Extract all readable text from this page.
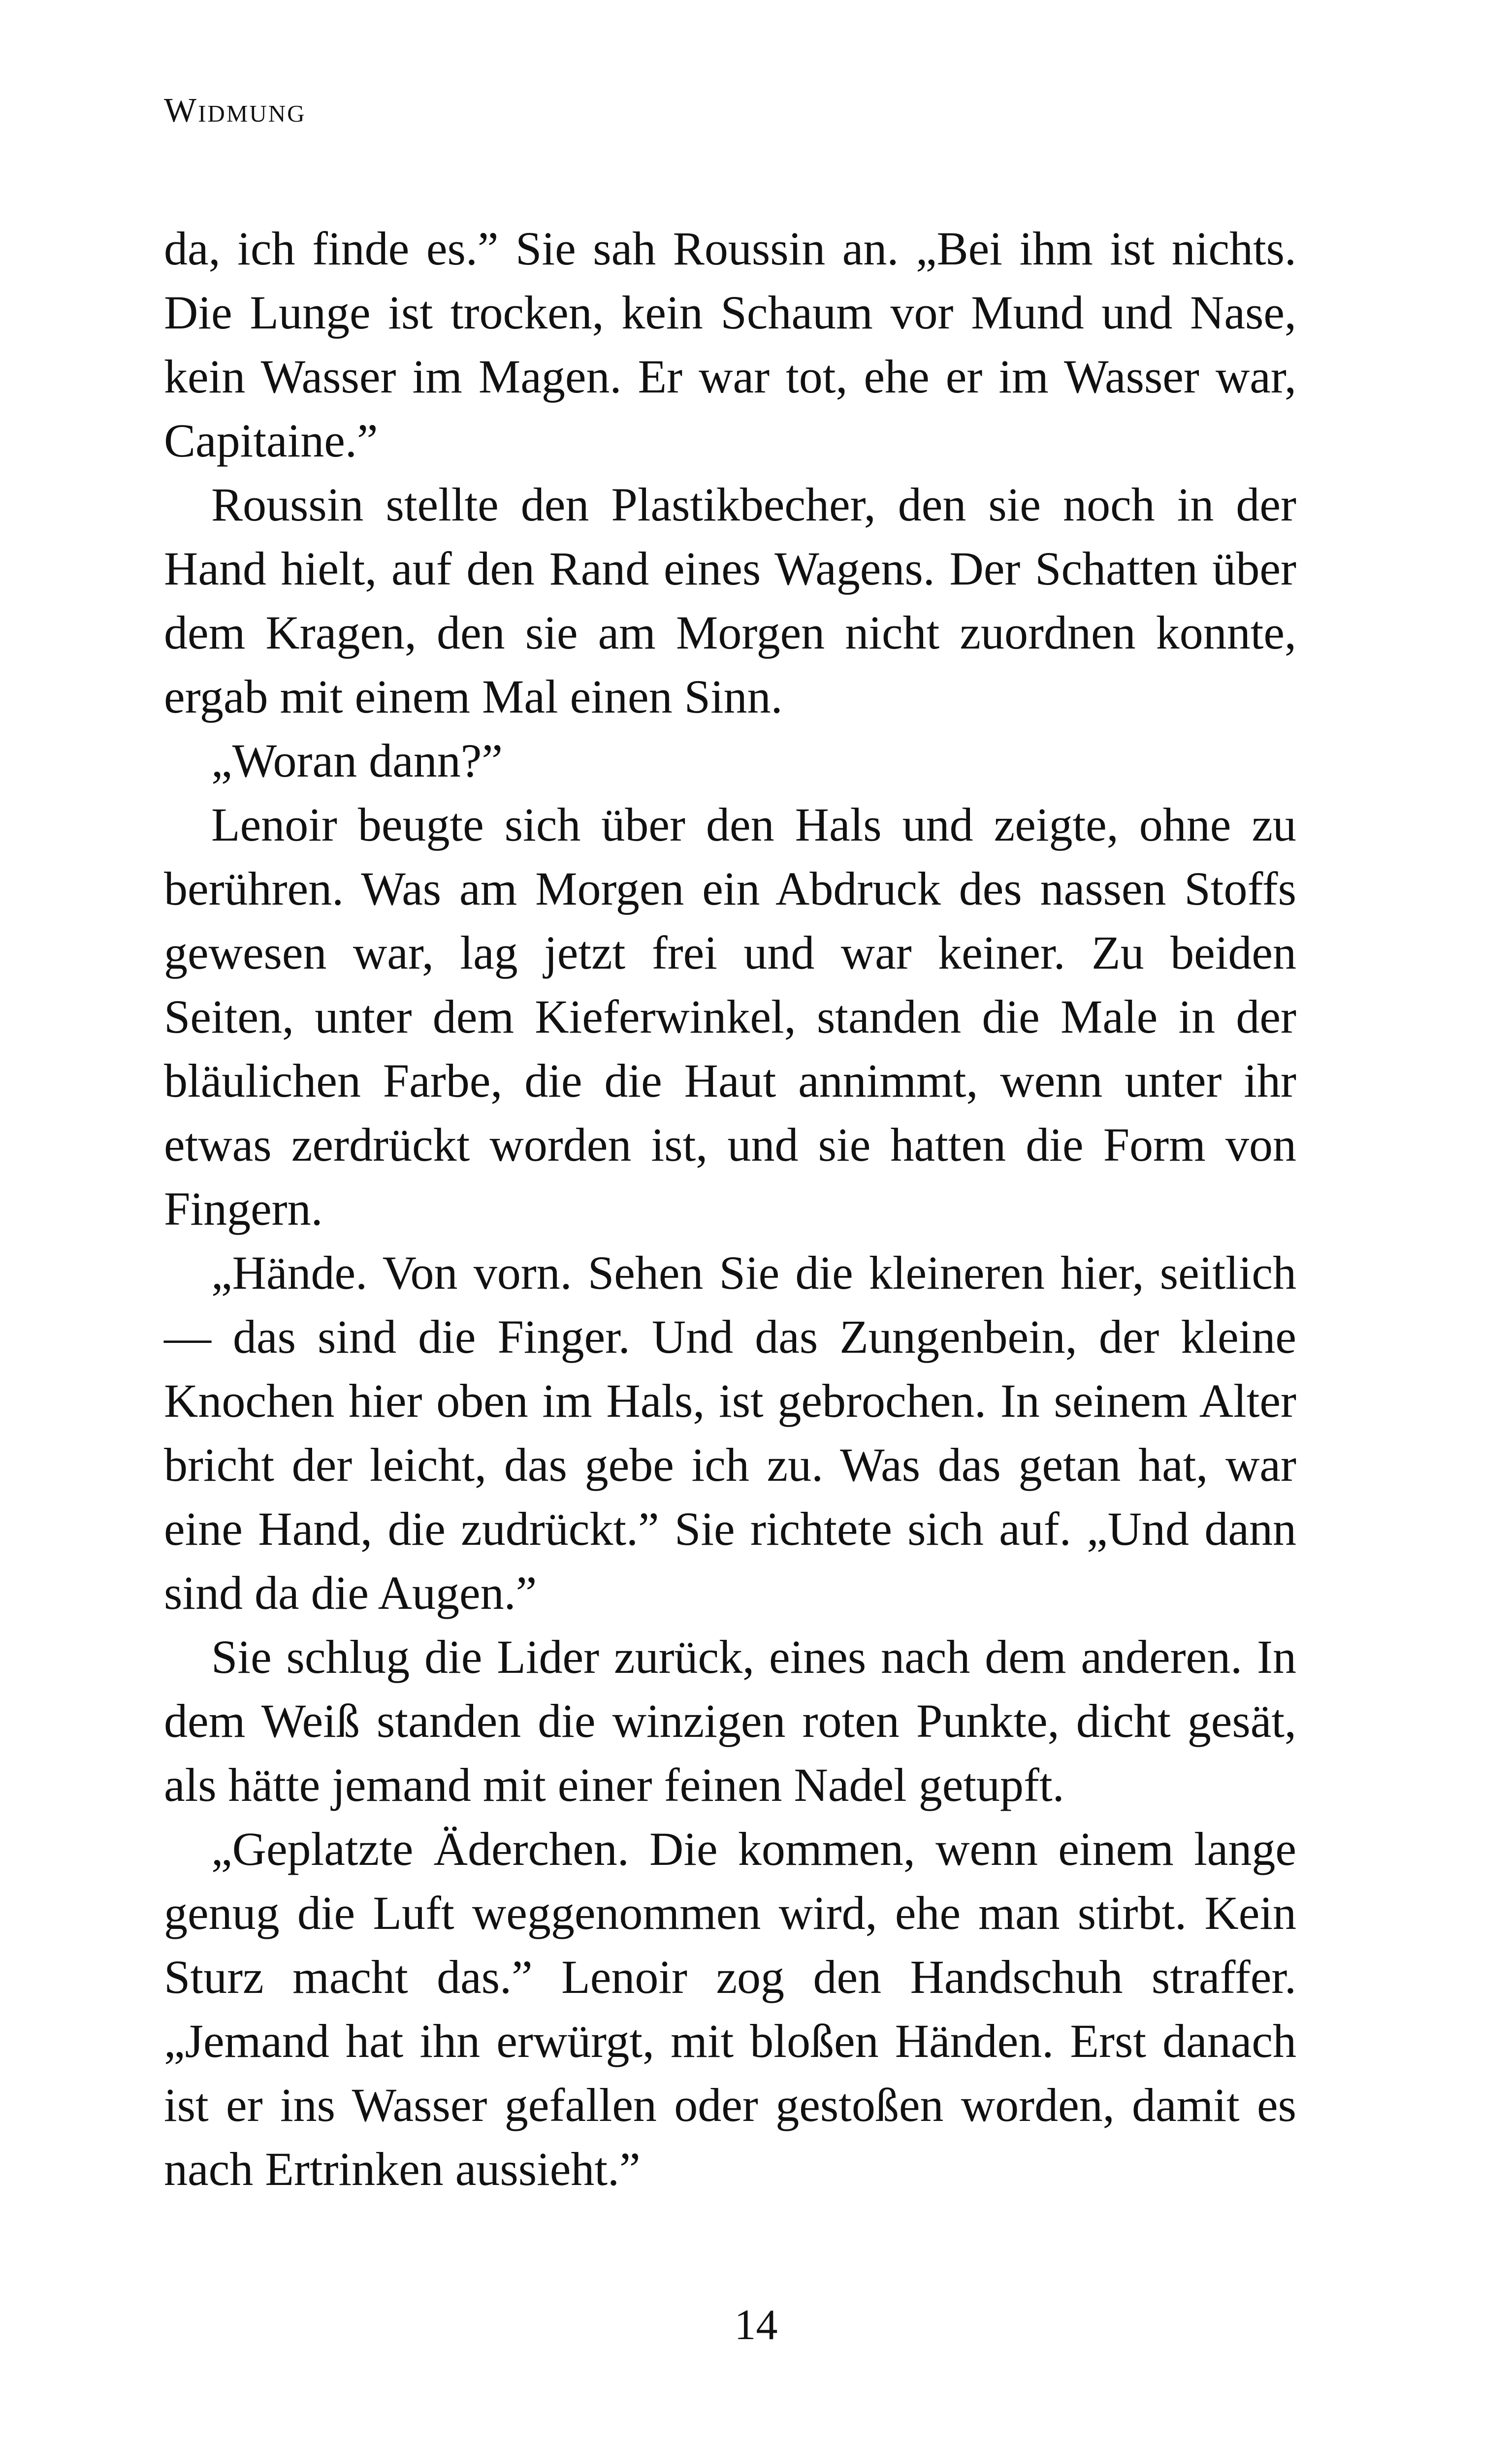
Widmung

da, ich finde es.” Sie sah Roussin an. „Bei ihm ist nichts. Die Lunge ist trocken, kein Schaum vor Mund und Nase, kein Wasser im Magen. Er war tot, ehe er im Wasser war, Capitaine.”

Roussin stellte den Plastikbecher, den sie noch in der Hand hielt, auf den Rand eines Wagens. Der Schatten über dem Kragen, den sie am Morgen nicht zuordnen konnte, ergab mit einem Mal einen Sinn.

„Woran dann?”

Lenoir beugte sich über den Hals und zeigte, ohne zu berühren. Was am Morgen ein Abdruck des nassen Stoffs gewesen war, lag jetzt frei und war keiner. Zu beiden Seiten, unter dem Kieferwinkel, standen die Male in der bläulichen Farbe, die die Haut annimmt, wenn unter ihr etwas zerdrückt worden ist, und sie hatten die Form von Fingern.

„Hände. Von vorn. Sehen Sie die kleineren hier, seitlich — das sind die Finger. Und das Zungenbein, der kleine Knochen hier oben im Hals, ist gebrochen. In seinem Alter bricht der leicht, das gebe ich zu. Was das getan hat, war eine Hand, die zudrückt.” Sie richtete sich auf. „Und dann sind da die Augen.”

Sie schlug die Lider zurück, eines nach dem anderen. In dem Weiß standen die winzigen roten Punkte, dicht gesät, als hätte jemand mit einer feinen Nadel getupft.

„Geplatzte Äderchen. Die kommen, wenn einem lange genug die Luft weggenommen wird, ehe man stirbt. Kein Sturz macht das.” Lenoir zog den Handschuh straffer. „Jemand hat ihn erwürgt, mit bloßen Händen. Erst danach ist er ins Wasser gefallen oder gestoßen worden, damit es nach Ertrinken aussieht.”

14
